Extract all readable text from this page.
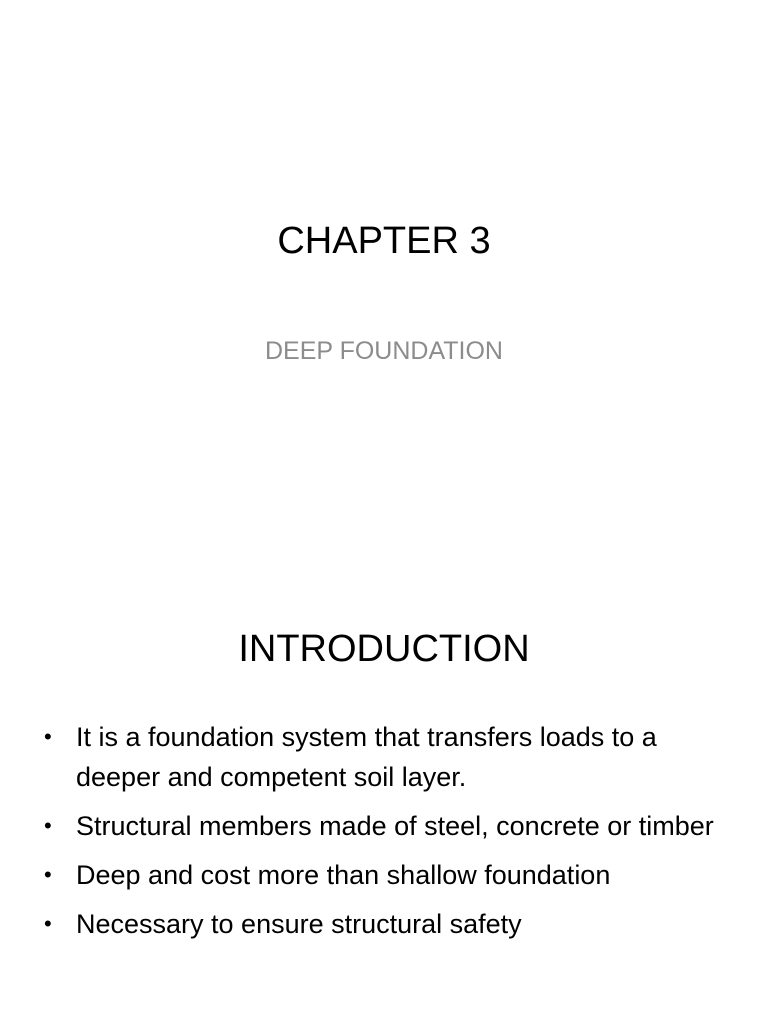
CHAPTER 3

DEEP FOUNDATION

INTRODUCTION
• It is a foundation system that transfers loads to a deeper and competent soil layer.
• Structural members made of steel, concrete or timber
• Deep and cost more than shallow foundation
• Necessary to ensure structural safety
